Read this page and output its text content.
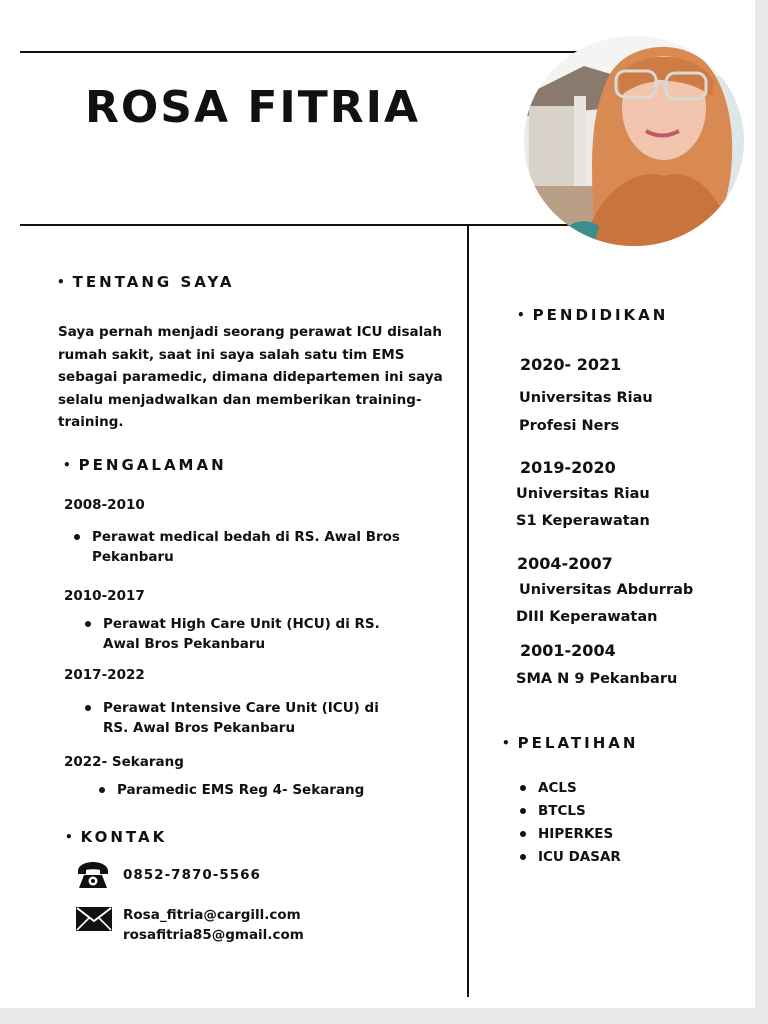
ROSA FITRIA
• TENTANG SAYA
Saya pernah menjadi seorang perawat ICU disalah rumah sakit, saat ini saya salah satu tim EMS sebagai paramedic, dimana didepartemen ini saya selalu menjadwalkan dan memberikan training- training.
• PENGALAMAN
2008-2010
Perawat medical bedah di RS. Awal Bros Pekanbaru
2010-2017
Perawat High Care Unit (HCU) di RS. Awal Bros Pekanbaru
2017-2022
Perawat Intensive Care Unit (ICU) di RS. Awal Bros Pekanbaru
2022- Sekarang
Paramedic EMS Reg 4- Sekarang
• KONTAK
0852-7870-5566
Rosa_fitria@cargill.com
rosafitria85@gmail.com
• PENDIDIKAN
2020- 2021
Universitas Riau
Profesi Ners
2019-2020
Universitas Riau
S1 Keperawatan
2004-2007
Universitas Abdurrab
DIII Keperawatan
2001-2004
SMA N 9 Pekanbaru
• PELATIHAN
ACLS
BTCLS
HIPERKES
ICU DASAR
